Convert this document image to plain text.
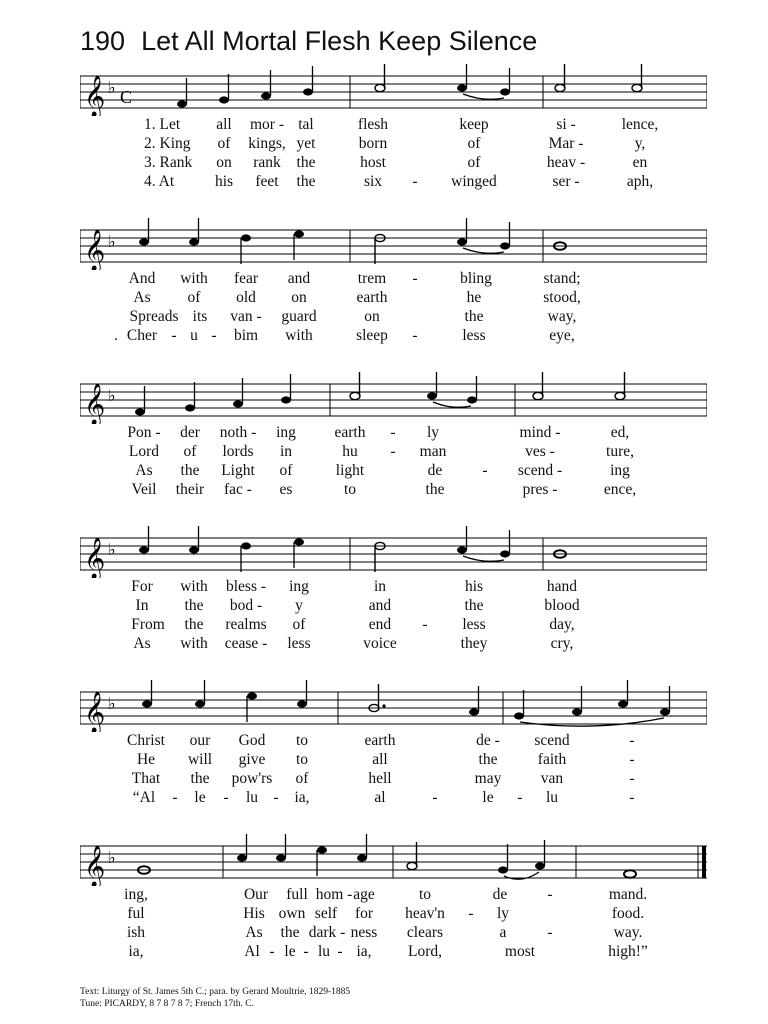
190 Let All Mortal Flesh Keep Silence
𝄞 ♭ C
1. Let all mor - tal	flesh	keep	si -	lence,
2. King of kings, yet	born	of	Mar -	y,
3. Rank on rank the	host	of	heav -	en
4. At	his feet the	six - winged	ser -	aph,
𝄞 ♭
And with fear and	trem -	bling	stand;
As of old on	earth	he	stood,
Spreads its van - guard	on	the	way,
. Cher - u - bim with	sleep -	less	eye,
𝄞 ♭
Pon - der noth - ing earth - ly	mind -	ed,
Lord of lords in	hu - man	ves -	ture,
As the Light of	light	de	- scend -	ing
Veil their fac - es	to	the	pres -	ence,
𝄞 ♭
For with bless - ing	in	his	hand
In the bod - y	and	the	blood
From the realms of	end - less	day,
As with cease - less	voice	they	cry,
𝄞 ♭
Christ our God to	earth	de - scend	-
He will give to	all	the	faith	-
That the pow'rs of	hell	may	van	-
“Al - le - lu - ia,	al	-	le - lu	-
𝄞 ♭
ing,	Our full hom - age	to	de	-	mand.
ful	His own self for heav'n - ly	food.
ish	As the dark - ness clears	a	-	way.
ia,	Al - le - lu - ia, Lord,	most	high!”
Text: Liturgy of St. James 5th C.; para. by Gerard Moultrie, 1829-1885
Tune: PICARDY, 8 7 8 7 8 7; French 17th. C.
